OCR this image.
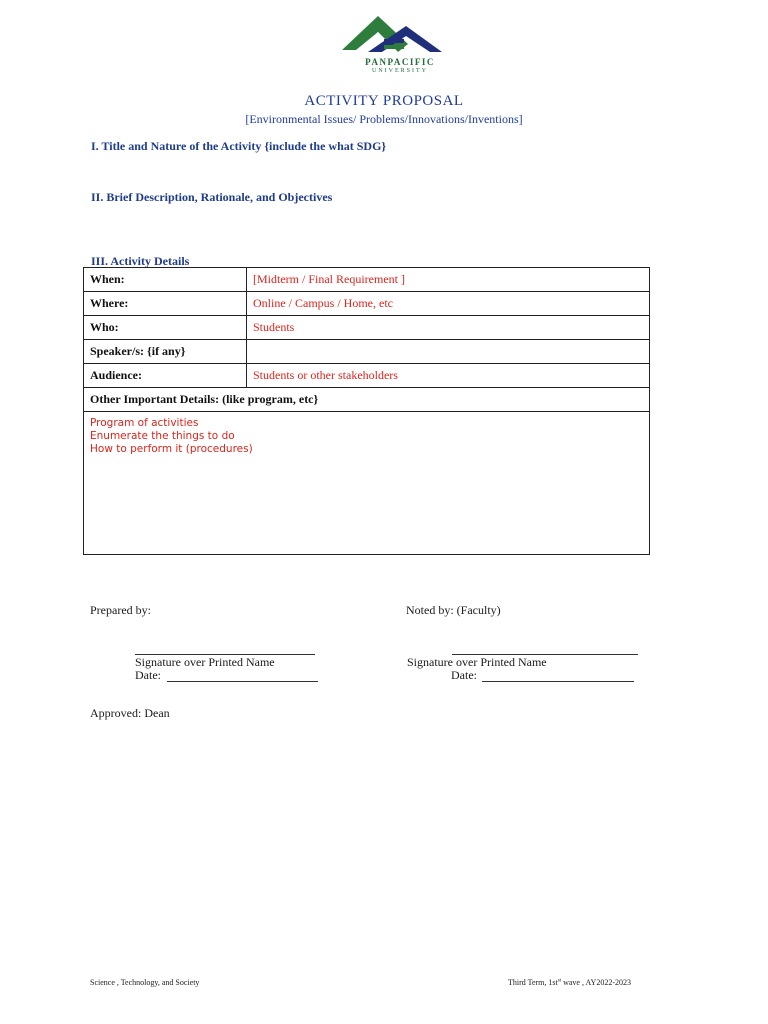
PANPACIFIC
UNIVERSITY
ACTIVITY PROPOSAL
[Environmental Issues/ Problems/Innovations/Inventions]
I. Title and Nature of the Activity {include the what SDG}
II. Brief Description, Rationale, and Objectives
III. Activity Details
When:	[Midterm / Final Requirement ]
Where:	Online / Campus / Home, etc
Who:	Students
Speaker/s: {if any}	
Audience:	Students or other stakeholders
Other Important Details: (like program, etc}	

Program of activities
Enumerate the things to do
How to perform it (procedures)	
Prepared by:	Noted by: (Faculty)
Signature over Printed Name	Signature over Printed Name
Date:	Date:
Approved: Dean
Science , Technology, and Society	Third Term, $1st^{st}$ wave , AY2022-2023
